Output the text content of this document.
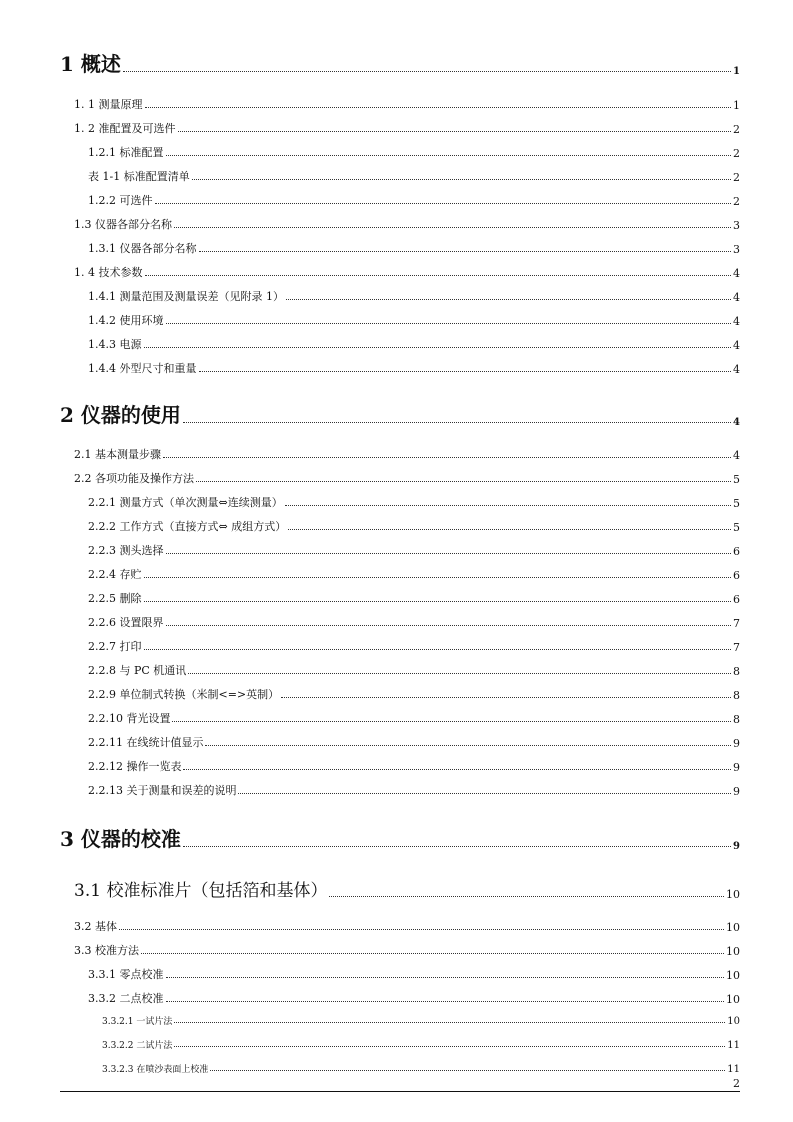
1 概述	1
1. 1 测量原理	1
1. 2 准配置及可选件	2
1.2.1 标准配置	2
表 1-1 标准配置清单	2
1.2.2 可选件	2
1.3 仪器各部分名称	3
1.3.1 仪器各部分名称	3
1. 4 技术参数	4
1.4.1 测量范围及测量误差（见附录 1）	4
1.4.2 使用环境	4
1.4.3 电源	4
1.4.4 外型尺寸和重量	4
2 仪器的使用	4
2.1 基本测量步骤	4
2.2 各项功能及操作方法	5
2.2.1 测量方式（单次测量⇔连续测量）	5
2.2.2 工作方式（直接方式⇔ 成组方式）	5
2.2.3 测头选择	6
2.2.4 存贮	6
2.2.5 删除	6
2.2.6 设置限界	7
2.2.7 打印	7
2.2.8 与 PC 机通讯	8
2.2.9 单位制式转换（米制<=>英制）	8
2.2.10 背光设置	8
2.2.11 在线统计值显示	9
2.2.12 操作一览表	9
2.2.13 关于测量和误差的说明	9
3 仪器的校准	9
3.1 校准标准片（包括箔和基体）	10
3.2 基体	10
3.3 校准方法	10
3.3.1 零点校准	10
3.3.2 二点校准	10
3.3.2.1 一试片法	10
3.3.2.2 二试片法	11
3.3.2.3 在喷沙表面上校准	11
2
